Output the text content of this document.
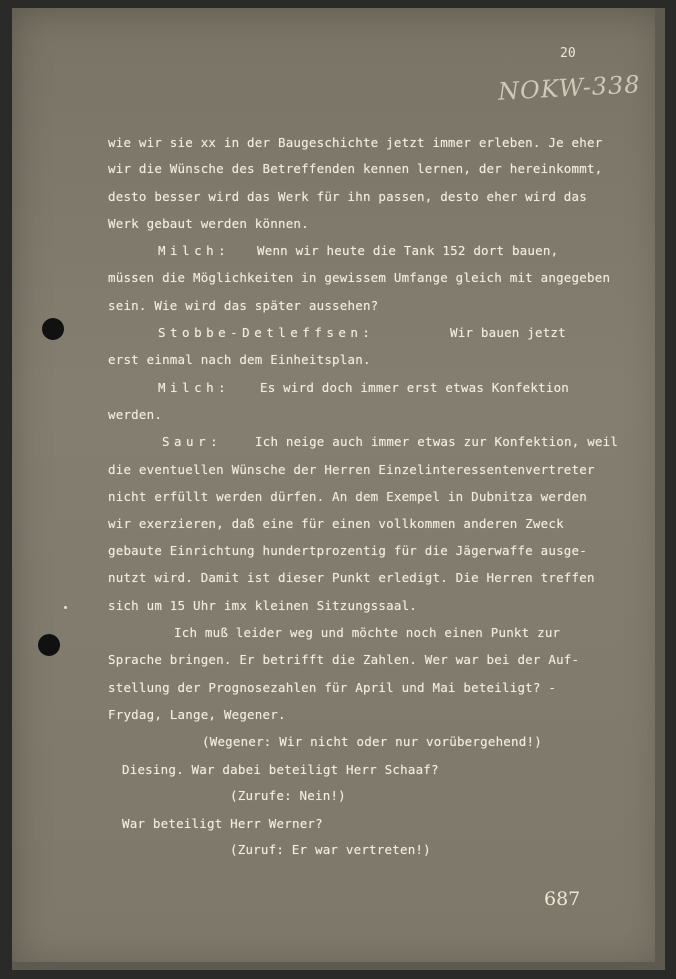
20
NOKW-338
wie wir sie xx in der Baugeschichte jetzt immer erleben. Je eher
wir die Wünsche des Betreffenden kennen lernen, der hereinkommt,
desto besser wird das Werk für ihn passen, desto eher wird das
Werk gebaut werden können.
Milch: Wenn wir heute die Tank 152 dort bauen,
müssen die Möglichkeiten in gewissem Umfange gleich mit angegeben
sein. Wie wird das später aussehen?
Stobbe-Detleffsen:	Wir bauen jetzt
erst einmal nach dem Einheitsplan.
Milch: Es wird doch immer erst etwas Konfektion
werden.
Saur:	Ich neige auch immer etwas zur Konfektion, weil
die eventuellen Wünsche der Herren Einzelinteressentenvertreter
nicht erfüllt werden dürfen. An dem Exempel in Dubnitza werden
wir exerzieren, daß eine für einen vollkommen anderen Zweck
gebaute Einrichtung hundertprozentig für die Jägerwaffe ausge-
nutzt wird. Damit ist dieser Punkt erledigt. Die Herren treffen
sich um 15 Uhr imx kleinen Sitzungssaal.
Ich muß leider weg und möchte noch einen Punkt zur
Sprache bringen. Er betrifft die Zahlen. Wer war bei der Auf-
stellung der Prognosezahlen für April und Mai beteiligt? -
Frydag, Lange, Wegener.
(Wegener: Wir nicht oder nur vorübergehend!)
Diesing. War dabei beteiligt Herr Schaaf?
(Zurufe: Nein!)
War beteiligt Herr Werner?
(Zuruf: Er war vertreten!)
687
